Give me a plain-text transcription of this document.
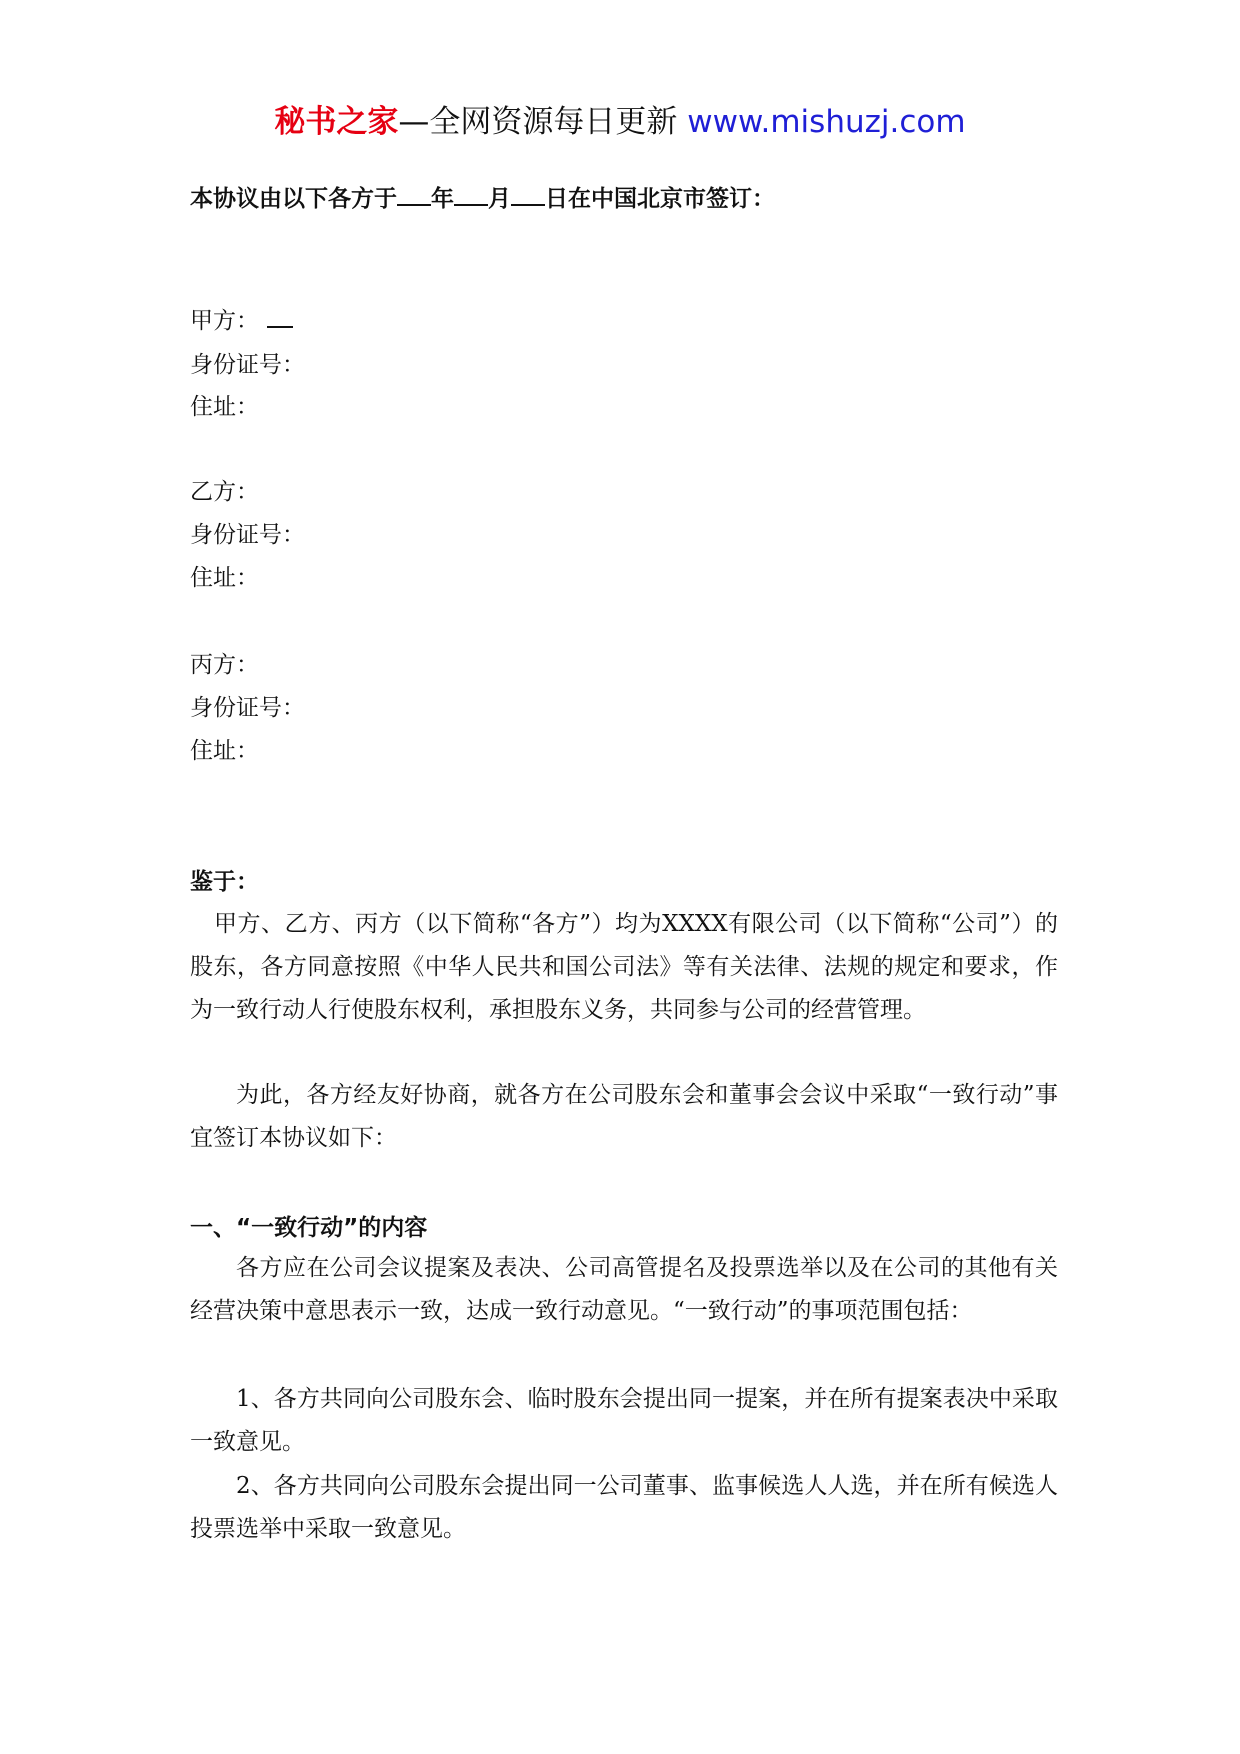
秘书之家—全网资源每日更新 www.mishuzj.com
本协议由以下各方于 年 月 日在中国北京市签订：
甲方：
身份证号：
住址：
乙方：
身份证号：
住址：
丙方：
身份证号：
住址：
鉴于：
甲方、乙方、丙方（以下简称“各方”）均为XXXX有限公司（以下简称“公司”）的股东，各方同意按照《中华人民共和国公司法》等有关法律、法规的规定和要求，作为一致行动人行使股东权利，承担股东义务，共同参与公司的经营管理。
为此，各方经友好协商，就各方在公司股东会和董事会会议中采取“一致行动”事宜签订本协议如下：
一、“一致行动”的内容
各方应在公司会议提案及表决、公司高管提名及投票选举以及在公司的其他有关经营决策中意思表示一致，达成一致行动意见。“一致行动”的事项范围包括：
1、各方共同向公司股东会、临时股东会提出同一提案，并在所有提案表决中采取一致意见。
2、各方共同向公司股东会提出同一公司董事、监事候选人人选，并在所有候选人投票选举中采取一致意见。
